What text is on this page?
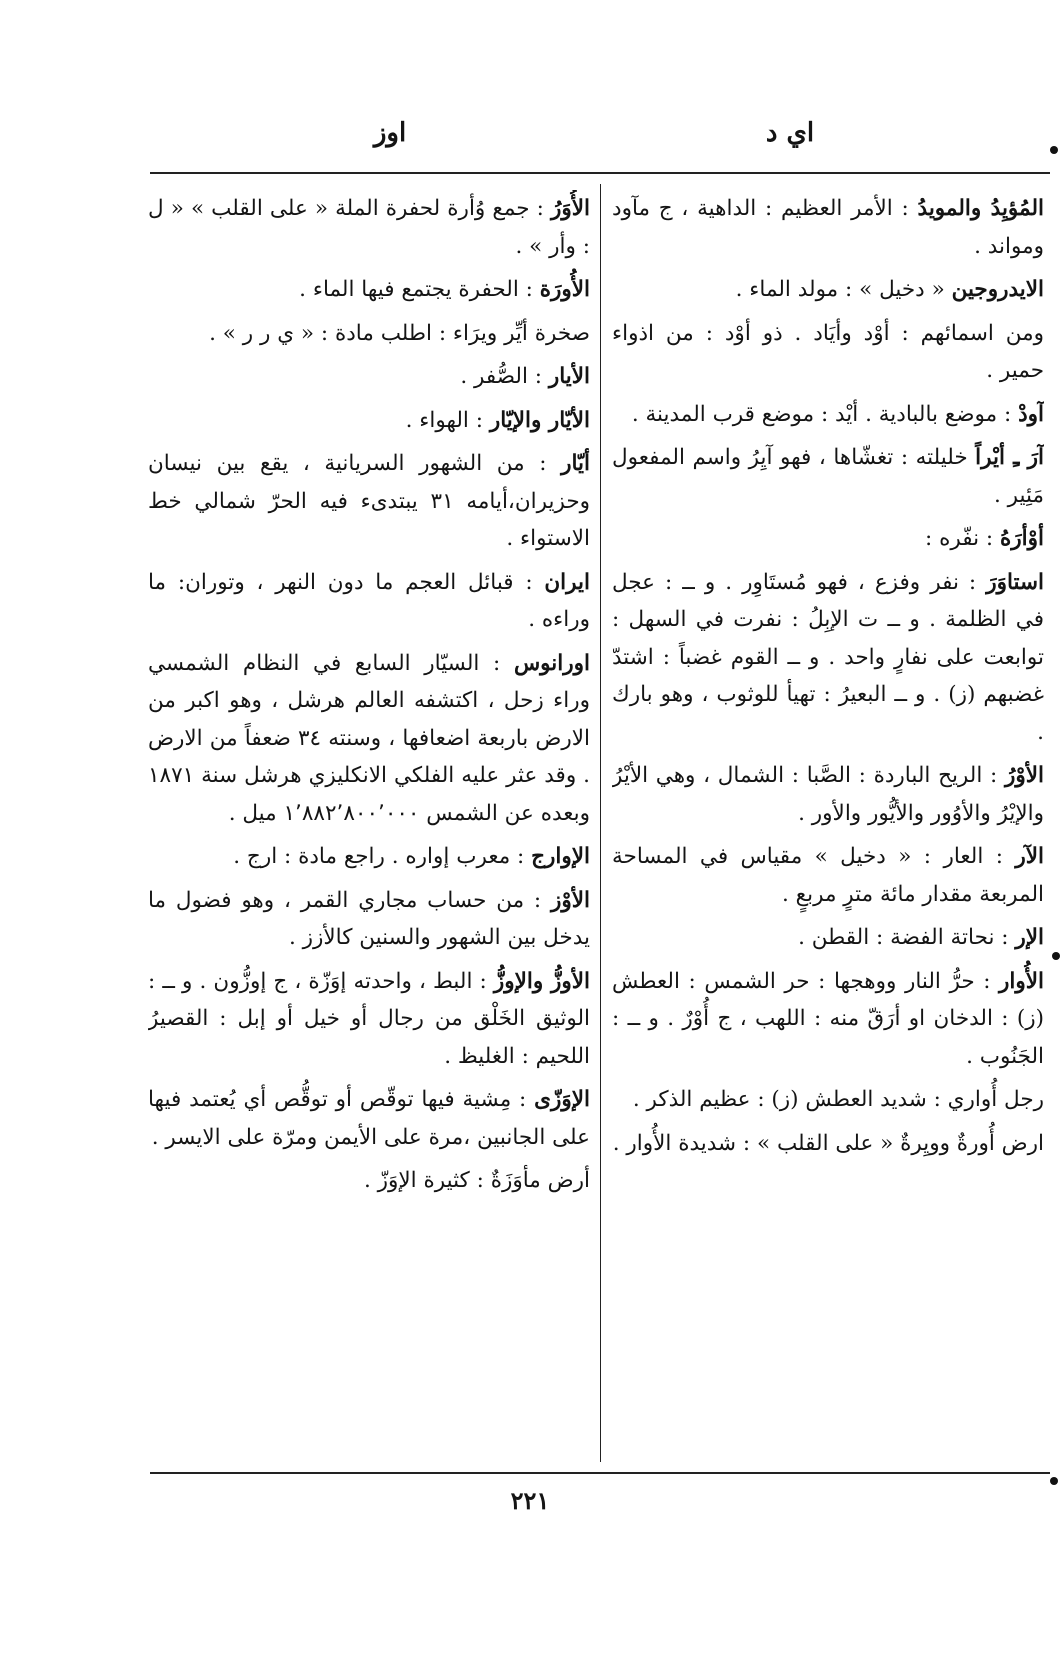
اي د
اوز
المُؤيِدُ والمويدُ : الأمر العظيم : الداهية ، ج مآود ومواند .
الايدروجين « دخيل » : مولد الماء .
ومن اسمائهم : أوْد وأيَاد . ذو أوْد : من اذواء حمير .
آودْ : موضع بالبادية . أيْد : موضع قرب المدينة .
آرَ ـِ أيْراً خليلته : تغشّاها ، فهو آيِرُ واسم المفعول مَئِير .
أوْأرَهُ : نفّره :
استاوَرَ : نفر وفزع ، فهو مُستَاوِر . و ــ : عجل في الظلمة . و ــ ت الإبِلُ : نفرت في السهل : توابعت على نفارٍ واحد . و ــ القوم غضباً : اشتدّ غضبهم (ز) . و ــ البعيرُ : تهيأ للوثوب ، وهو بارك .
الأوْرُ : الريح الباردة : الصَّبا : الشمال ، وهي الأيْرُ والإيْرُ والأوُور والأيُّور والأور .
الآر : العار : « دخيل » مقياس في المساحة المربعة مقدار مائة مترٍ مربعٍ .
الإر : نحاتة الفضة : القطن .
الأُوار : حرُّ النار ووهجها : حر الشمس : العطش (ز) : الدخان او أرَقّ منه : اللهب ، ج أُوْرٌ . و ــ : الجَنُوب .
رجل أُواري : شديد العطش (ز) : عظيم الذكر .
ارض أُورةٌ وويِرةٌ « على القلب » : شديدة الأُوار .
الأُوَرُ : جمع وُأرة لحفرة الملة « على القلب » « ل : وأر » .
الأُورَة : الحفرة يجتمع فيها الماء .
صخرة أيِّر ويرَاء : اطلب مادة : « ي ر ر » .
الأيار : الصُّفر .
الأيّار والإيّار : الهواء .
أيّار : من الشهور السريانية ، يقع بين نيسان وحزيران،أيامه ٣١ يبتدىء فيه الحرّ شمالي خط الاستواء .
ايران : قبائل العجم ما دون النهر ، وتوران: ما وراءه .
اورانوس : السيّار السابع في النظام الشمسي وراء زحل ، اكتشفه العالم هرشل ، وهو اكبر من الارض باربعة اضعافها ، وسنته ٣٤ ضعفاً من الارض . وقد عثر عليه الفلكي الانكليزي هرشل سنة ١٨٧١ وبعده عن الشمس ١٬٨٨٢٬٨٠٠٬٠٠٠ ميل .
الإوارج : معرب إواره . راجع مادة : ارج .
الأوْز : من حساب مجاري القمر ، وهو فضول ما يدخل بين الشهور والسنين كالأزز .
الأوزُّ والإوزُّ : البط ، واحدته إوَزّة ، ج إوزُّون . و ــ : الوثيق الخَلْق من رجال أو خيل أو إبل : القصيرُ اللحيم : الغليظ .
الإوَزّى : مِشية فيها توقّص أو توقُّص أي يُعتمد فيها على الجانبين ،مرة على الأيمن ومرّة على الايسر .
أرض مأوَزَةٌ : كثيرة الإوَزّ .
٢٢١
